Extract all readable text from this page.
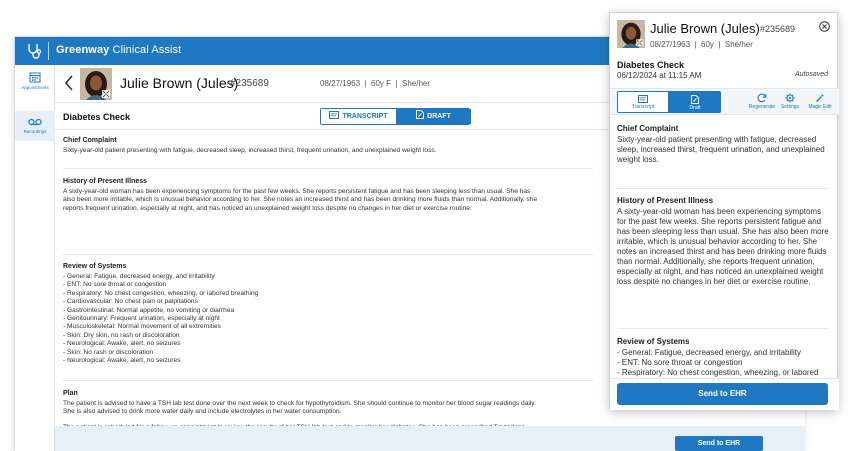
Greenway Clinical Assist
Appointments
Recordings
Julie Brown (Jules)
#235689	08/27/1963  |  60y F  |  She/her
Diabetes Check	TRANSCRIPT	DRAFT
Chief Complaint
Sixty-year-old patient presenting with fatigue, decreased sleep, increased thirst, frequent urination, and unexplained weight loss.
History of Present Illness
A sixty-year-old woman has been experiencing symptoms for the past few weeks. She reports persistent fatigue and has been sleeping less than usual. She has also been more irritable, which is unusual behavior according to her. She notes an increased thirst and has been drinking more fluids than normal. Additionally, she reports frequent urination, especially at night, and has noticed an unexplained weight loss despite no changes in her diet or exercise routine.
Review of Systems
- General: Fatigue, decreased energy, and irritability
- ENT: No sore throat or congestion
- Respiratory: No chest congestion, wheezing, or labored breathing
- Cardiovascular: No chest pain or palpitations
- Gastrointestinal: Normal appetite, no vomiting or diarrhea
- Genitourinary: Frequent urination, especially at night
- Musculoskeletal: Normal movement of all extremities
- Skin: Dry skin, no rash or discoloration
- Neurological: Awake, alert, no seizures
- Skin: No rash or discoloration
- Neurological: Awake, alert, no seizures
Plan
The patient is advised to have a TSH lab test done over the next week to check for hypothyroidism. She should continue to monitor her blood sugar readings daily. She is also advised to drink more water daily and include electrolytes in her water consumption.
Send to EHR
Julie Brown (Jules) #235689
08/27/1963  |  60y  |  She/her
Diabetes Check
06/12/2024 at 11:15 AM	Autosaved
Transcript	Draft	Regenerate	Settings	Magic Edit
Chief Complaint
Sixty-year-old patient presenting with fatigue, decreased sleep, increased thirst, frequent urination, and unexplained weight loss.
History of Present Illness
A sixty-year-old woman has been experiencing symptoms for the past few weeks. She reports persistent fatigue and has been sleeping less than usual. She has also been more irritable, which is unusual behavior according to her. She notes an increased thirst and has been drinking more fluids than normal. Additionally, she reports frequent urination, especially at night, and has noticed an unexplained weight loss despite no changes in her diet or exercise routine.
Review of Systems
- General: Fatigue, decreased energy, and irritability
- ENT: No sore throat or congestion
- Respiratory: No chest congestion, wheezing, or labored
Send to EHR
